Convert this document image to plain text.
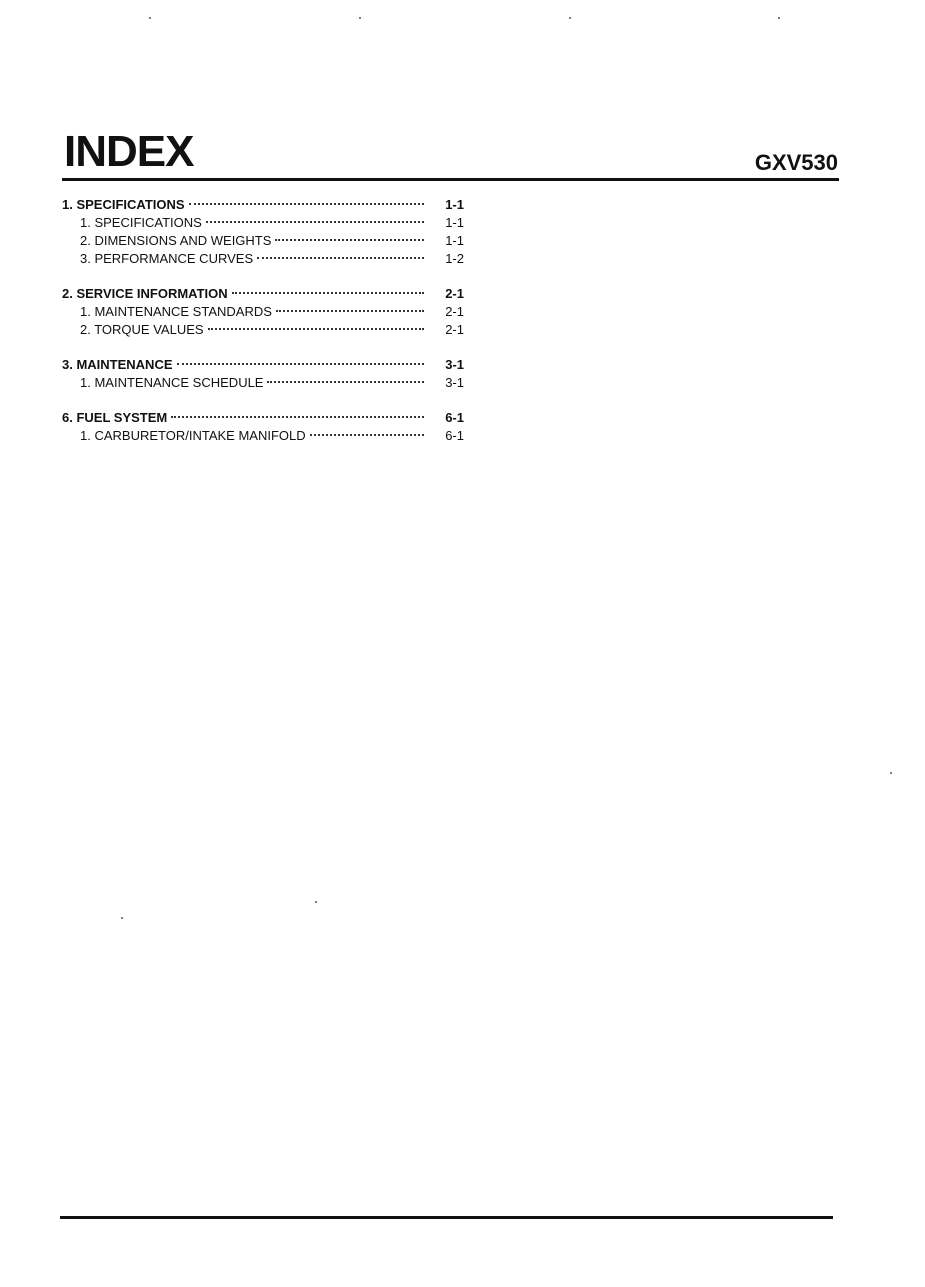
INDEX	GXV530
1. SPECIFICATIONS	1-1
1. SPECIFICATIONS	1-1
2. DIMENSIONS AND WEIGHTS	1-1
3. PERFORMANCE CURVES	1-2
2. SERVICE INFORMATION	2-1
1. MAINTENANCE STANDARDS	2-1
2. TORQUE VALUES	2-1
3. MAINTENANCE	3-1
1. MAINTENANCE SCHEDULE	3-1
6. FUEL SYSTEM	6-1
1. CARBURETOR/INTAKE MANIFOLD	6-1
